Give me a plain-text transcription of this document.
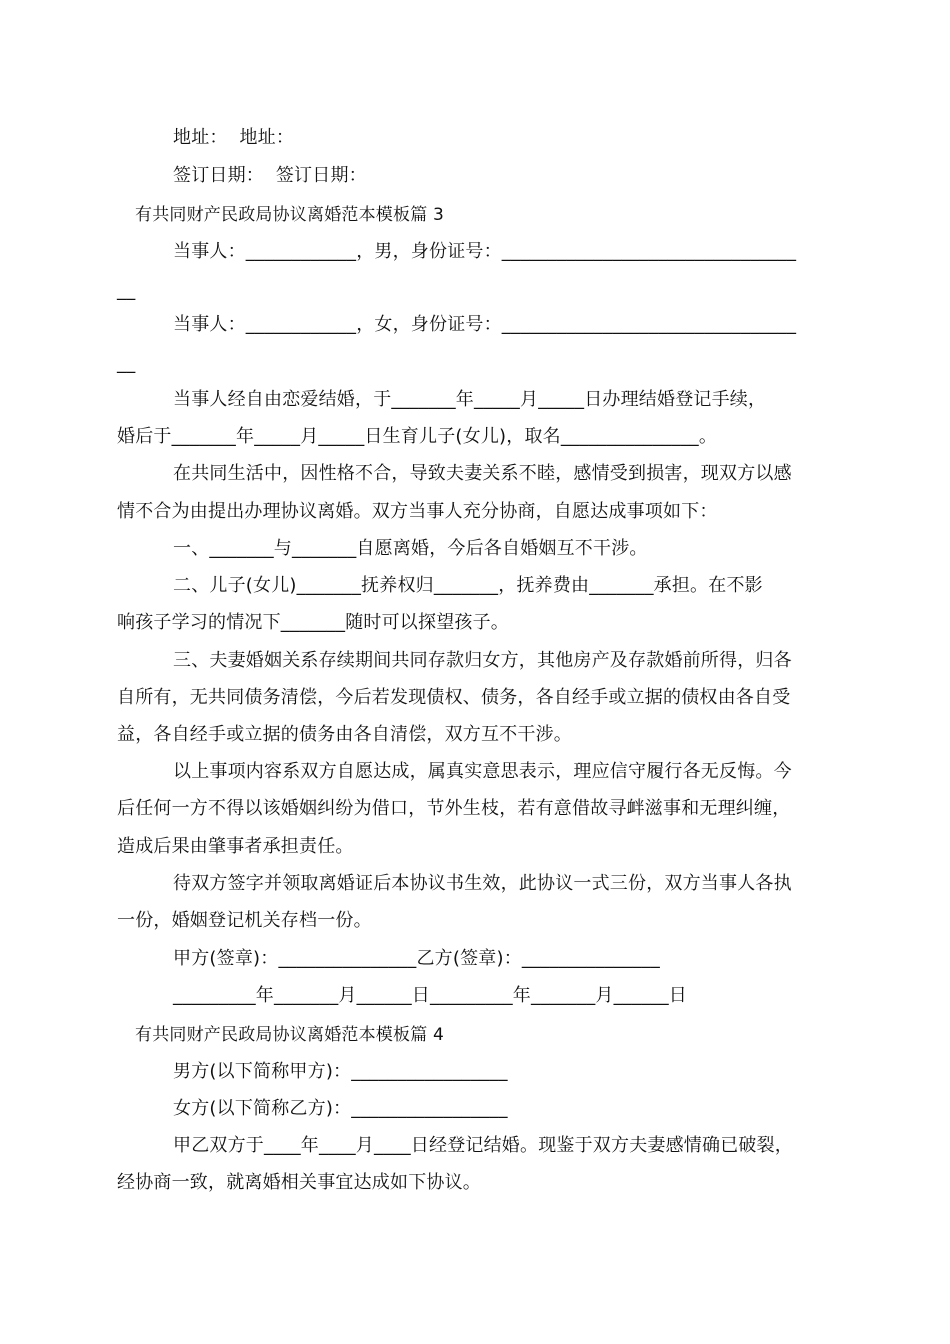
地址：  地址：
签订日期：  签订日期：
有共同财产民政局协议离婚范本模板篇 3
当事人：____________，男，身份证号：________________________________
__
当事人：____________，女，身份证号：________________________________
__
当事人经自由恋爱结婚，于_______年_____月_____日办理结婚登记手续，
婚后于_______年_____月_____日生育儿子(女儿)，取名_______________。
在共同生活中，因性格不合，导致夫妻关系不睦，感情受到损害，现双方以感
情不合为由提出办理协议离婚。双方当事人充分协商，自愿达成事项如下：
一、_______与_______自愿离婚，今后各自婚姻互不干涉。
二、儿子(女儿)_______抚养权归_______，抚养费由_______承担。在不影
响孩子学习的情况下_______随时可以探望孩子。
三、夫妻婚姻关系存续期间共同存款归女方，其他房产及存款婚前所得，归各
自所有，无共同债务清偿，今后若发现债权、债务，各自经手或立据的债权由各自受
益，各自经手或立据的债务由各自清偿，双方互不干涉。
以上事项内容系双方自愿达成，属真实意思表示，理应信守履行各无反悔。今
后任何一方不得以该婚姻纠纷为借口，节外生枝，若有意借故寻衅滋事和无理纠缠，
造成后果由肇事者承担责任。
待双方签字并领取离婚证后本协议书生效，此协议一式三份，双方当事人各执
一份，婚姻登记机关存档一份。
甲方(签章)：_______________乙方(签章)：_______________
_________年_______月______日_________年_______月______日
有共同财产民政局协议离婚范本模板篇 4
男方(以下简称甲方)：_________________
女方(以下简称乙方)：_________________
甲乙双方于____年____月____日经登记结婚。现鉴于双方夫妻感情确已破裂，
经协商一致，就离婚相关事宜达成如下协议。
